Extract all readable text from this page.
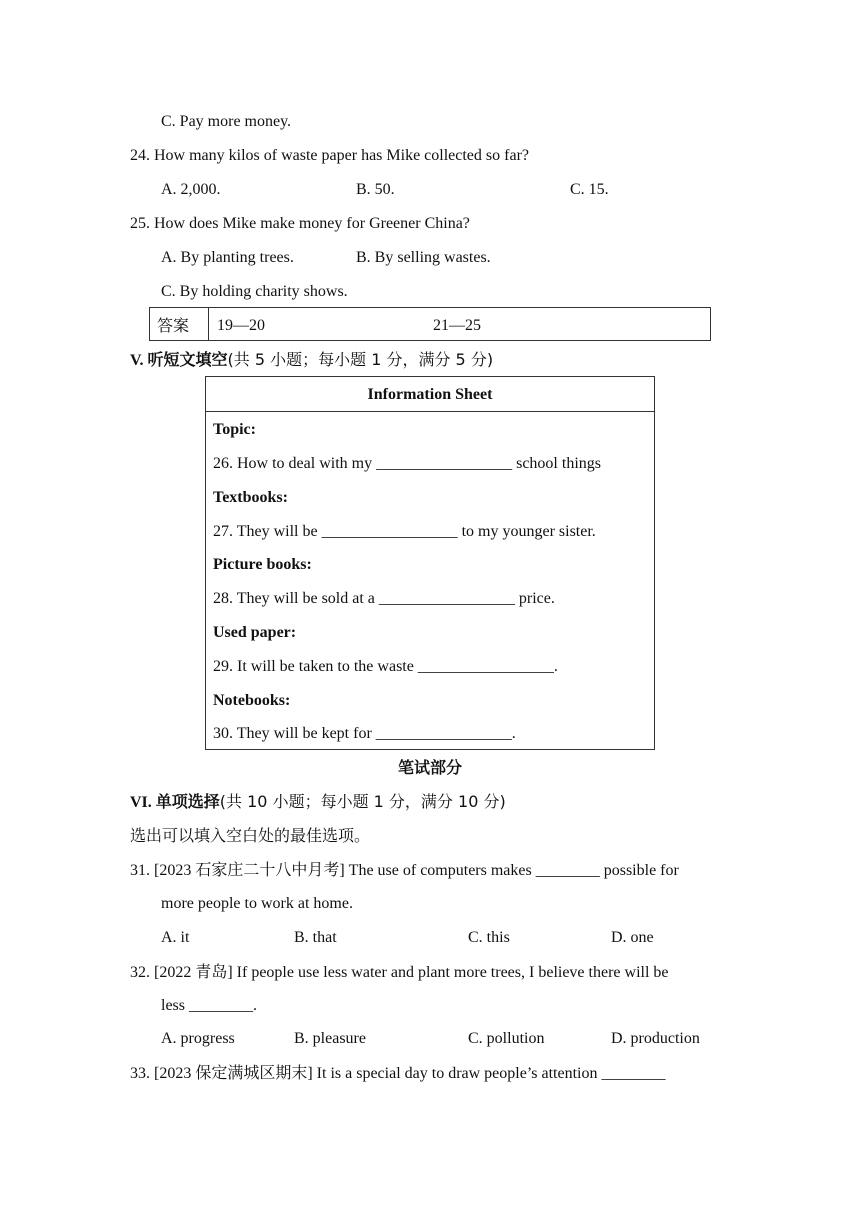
C. Pay more money.
24. How many kilos of waste paper has Mike collected so far?
A. 2,000.	B. 50.	C. 15.
25. How does Mike make money for Greener China?
A. By planting trees.	B. By selling wastes.
C. By holding charity shows.
答案 19—20	21—25
V. 听短文填空(共 5 小题；每小题 1 分，满分 5 分)
Information Sheet
Topic:
26. How to deal with my _________________ school things
Textbooks:
27. They will be _________________ to my younger sister.
Picture books:
28. They will be sold at a _________________ price.
Used paper:
29. It will be taken to the waste _________________.
Notebooks:
30. They will be kept for _________________.
笔试部分
VI. 单项选择(共 10 小题；每小题 1 分，满分 10 分)
选出可以填入空白处的最佳选项。
31. [2023 石家庄二十八中月考] The use of computers makes ________ possible for
more people to work at home.
A. it	B. that	C. this	D. one
32. [2022 青岛] If people use less water and plant more trees, I believe there will be
less ________.
A. progress	B. pleasure	C. pollution	D. production
33. [2023 保定满城区期末] It is a special day to draw people’s attention ________
